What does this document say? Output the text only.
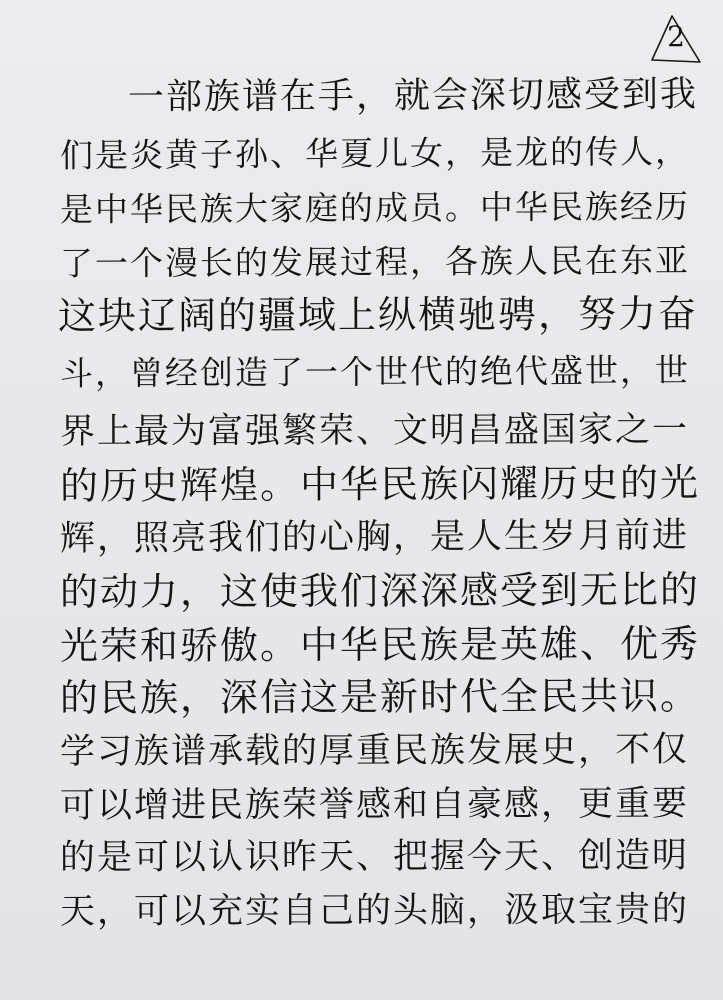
2
一部族谱在手，就会深切感受到我
们是炎黄子孙、华夏儿女，是龙的传人，
是中华民族大家庭的成员。中华民族经历
了一个漫长的发展过程，各族人民在东亚
这块辽阔的疆域上纵横驰骋，努力奋
斗，曾经创造了一个世代的绝代盛世，世
界上最为富强繁荣、文明昌盛国家之一
的历史辉煌。中华民族闪耀历史的光
辉，照亮我们的心胸，是人生岁月前进
的动力，这使我们深深感受到无比的
光荣和骄傲。中华民族是英雄、优秀
的民族，深信这是新时代全民共识。
学习族谱承载的厚重民族发展史，不仅
可以增进民族荣誉感和自豪感，更重要
的是可以认识昨天、把握今天、创造明
天，可以充实自己的头脑，汲取宝贵的
